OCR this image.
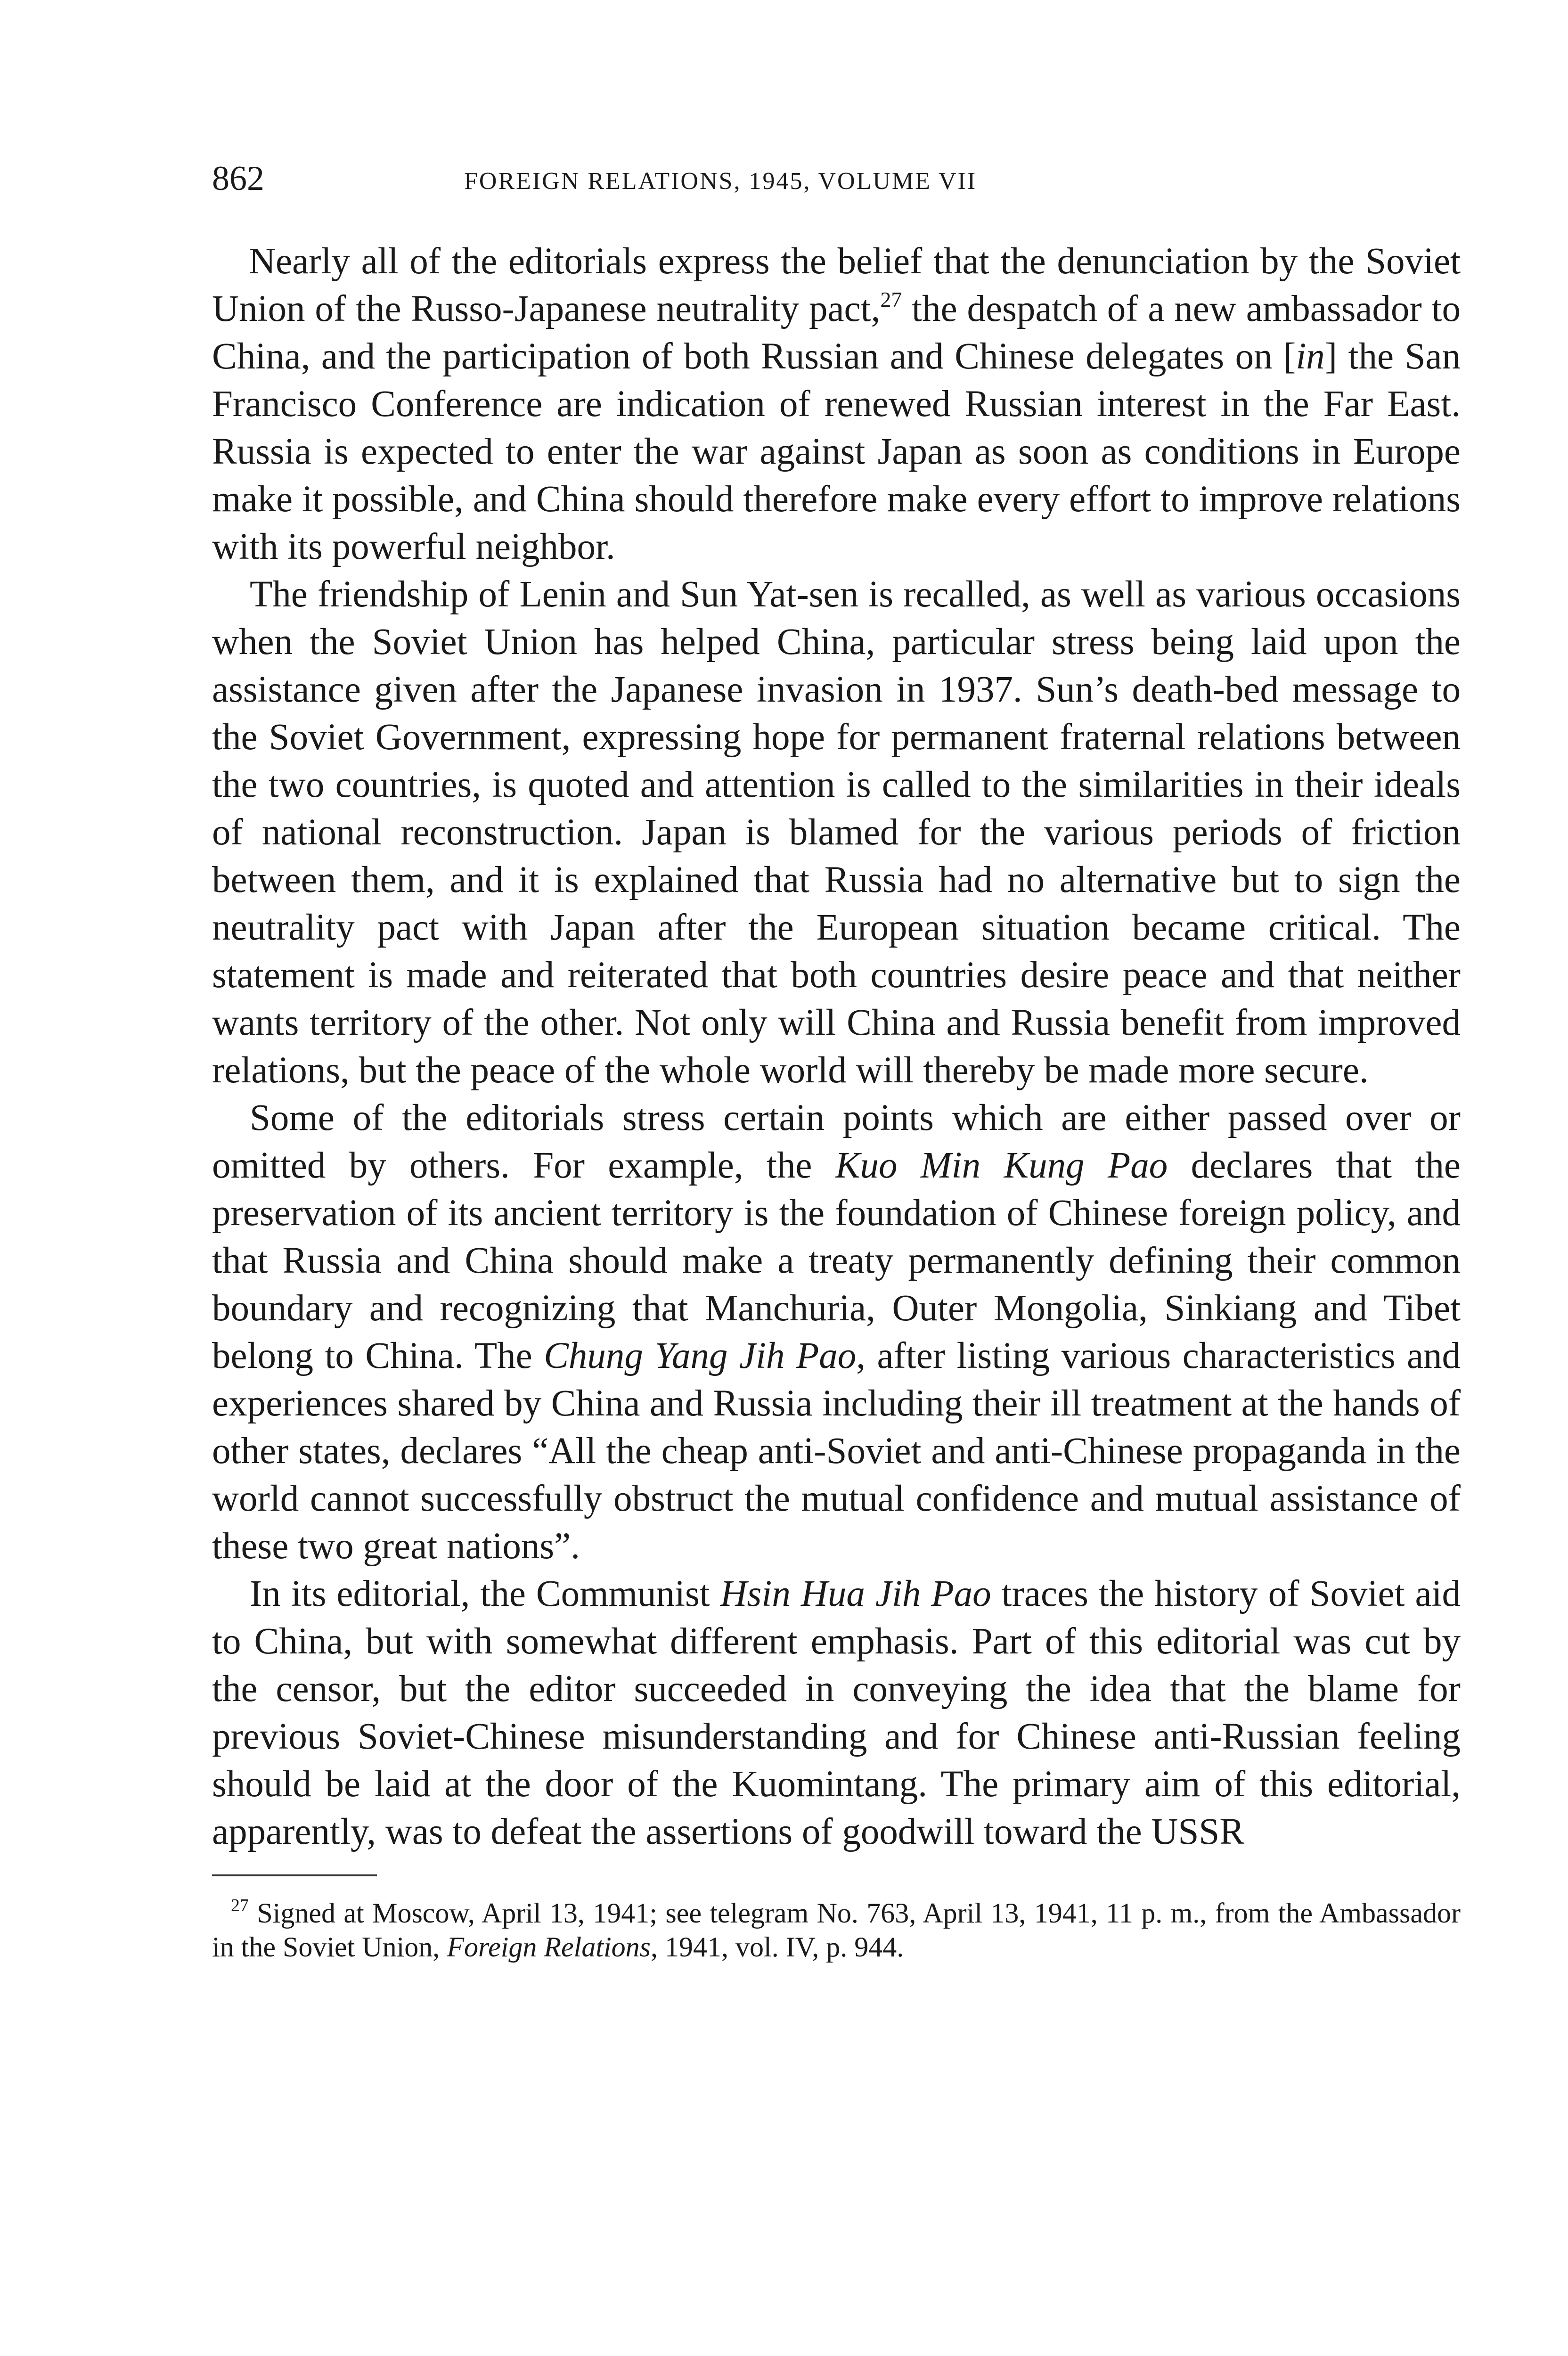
862	FOREIGN RELATIONS, 1945, VOLUME VII

Nearly all of the editorials express the belief that the denunciation by the Soviet Union of the Russo-Japanese neutrality pact,$^{27}$ the despatch of a new ambassador to China, and the participation of both Russian and Chinese delegates on [in] the San Francisco Conference are indication of renewed Russian interest in the Far East. Russia is expected to enter the war against Japan as soon as conditions in Europe make it possible, and China should therefore make every effort to improve relations with its powerful neighbor.

The friendship of Lenin and Sun Yat-sen is recalled, as well as various occasions when the Soviet Union has helped China, particular stress being laid upon the assistance given after the Japanese invasion in 1937. Sun’s death-bed message to the Soviet Government, expressing hope for permanent fraternal relations between the two countries, is quoted and attention is called to the similarities in their ideals of national reconstruction. Japan is blamed for the various periods of friction between them, and it is explained that Russia had no alternative but to sign the neutrality pact with Japan after the European situation became critical. The statement is made and reiterated that both countries desire peace and that neither wants territory of the other. Not only will China and Russia benefit from improved relations, but the peace of the whole world will thereby be made more secure.

Some of the editorials stress certain points which are either passed over or omitted by others. For example, the Kuo Min Kung Pao declares that the preservation of its ancient territory is the foundation of Chinese foreign policy, and that Russia and China should make a treaty permanently defining their common boundary and recognizing that Manchuria, Outer Mongolia, Sinkiang and Tibet belong to China. The Chung Yang Jih Pao, after listing various characteristics and experiences shared by China and Russia including their ill treatment at the hands of other states, declares “All the cheap anti-Soviet and anti-Chinese propaganda in the world cannot successfully obstruct the mutual confidence and mutual assistance of these two great nations”.

In its editorial, the Communist Hsin Hua Jih Pao traces the history of Soviet aid to China, but with somewhat different emphasis. Part of this editorial was cut by the censor, but the editor succeeded in conveying the idea that the blame for previous Soviet-Chinese misunderstanding and for Chinese anti-Russian feeling should be laid at the door of the Kuomintang. The primary aim of this editorial, apparently, was to defeat the assertions of goodwill toward the USSR

$^{27}$ Signed at Moscow, April 13, 1941; see telegram No. 763, April 13, 1941, 11 p. m., from the Ambassador in the Soviet Union, Foreign Relations, 1941, vol. IV, p. 944.
